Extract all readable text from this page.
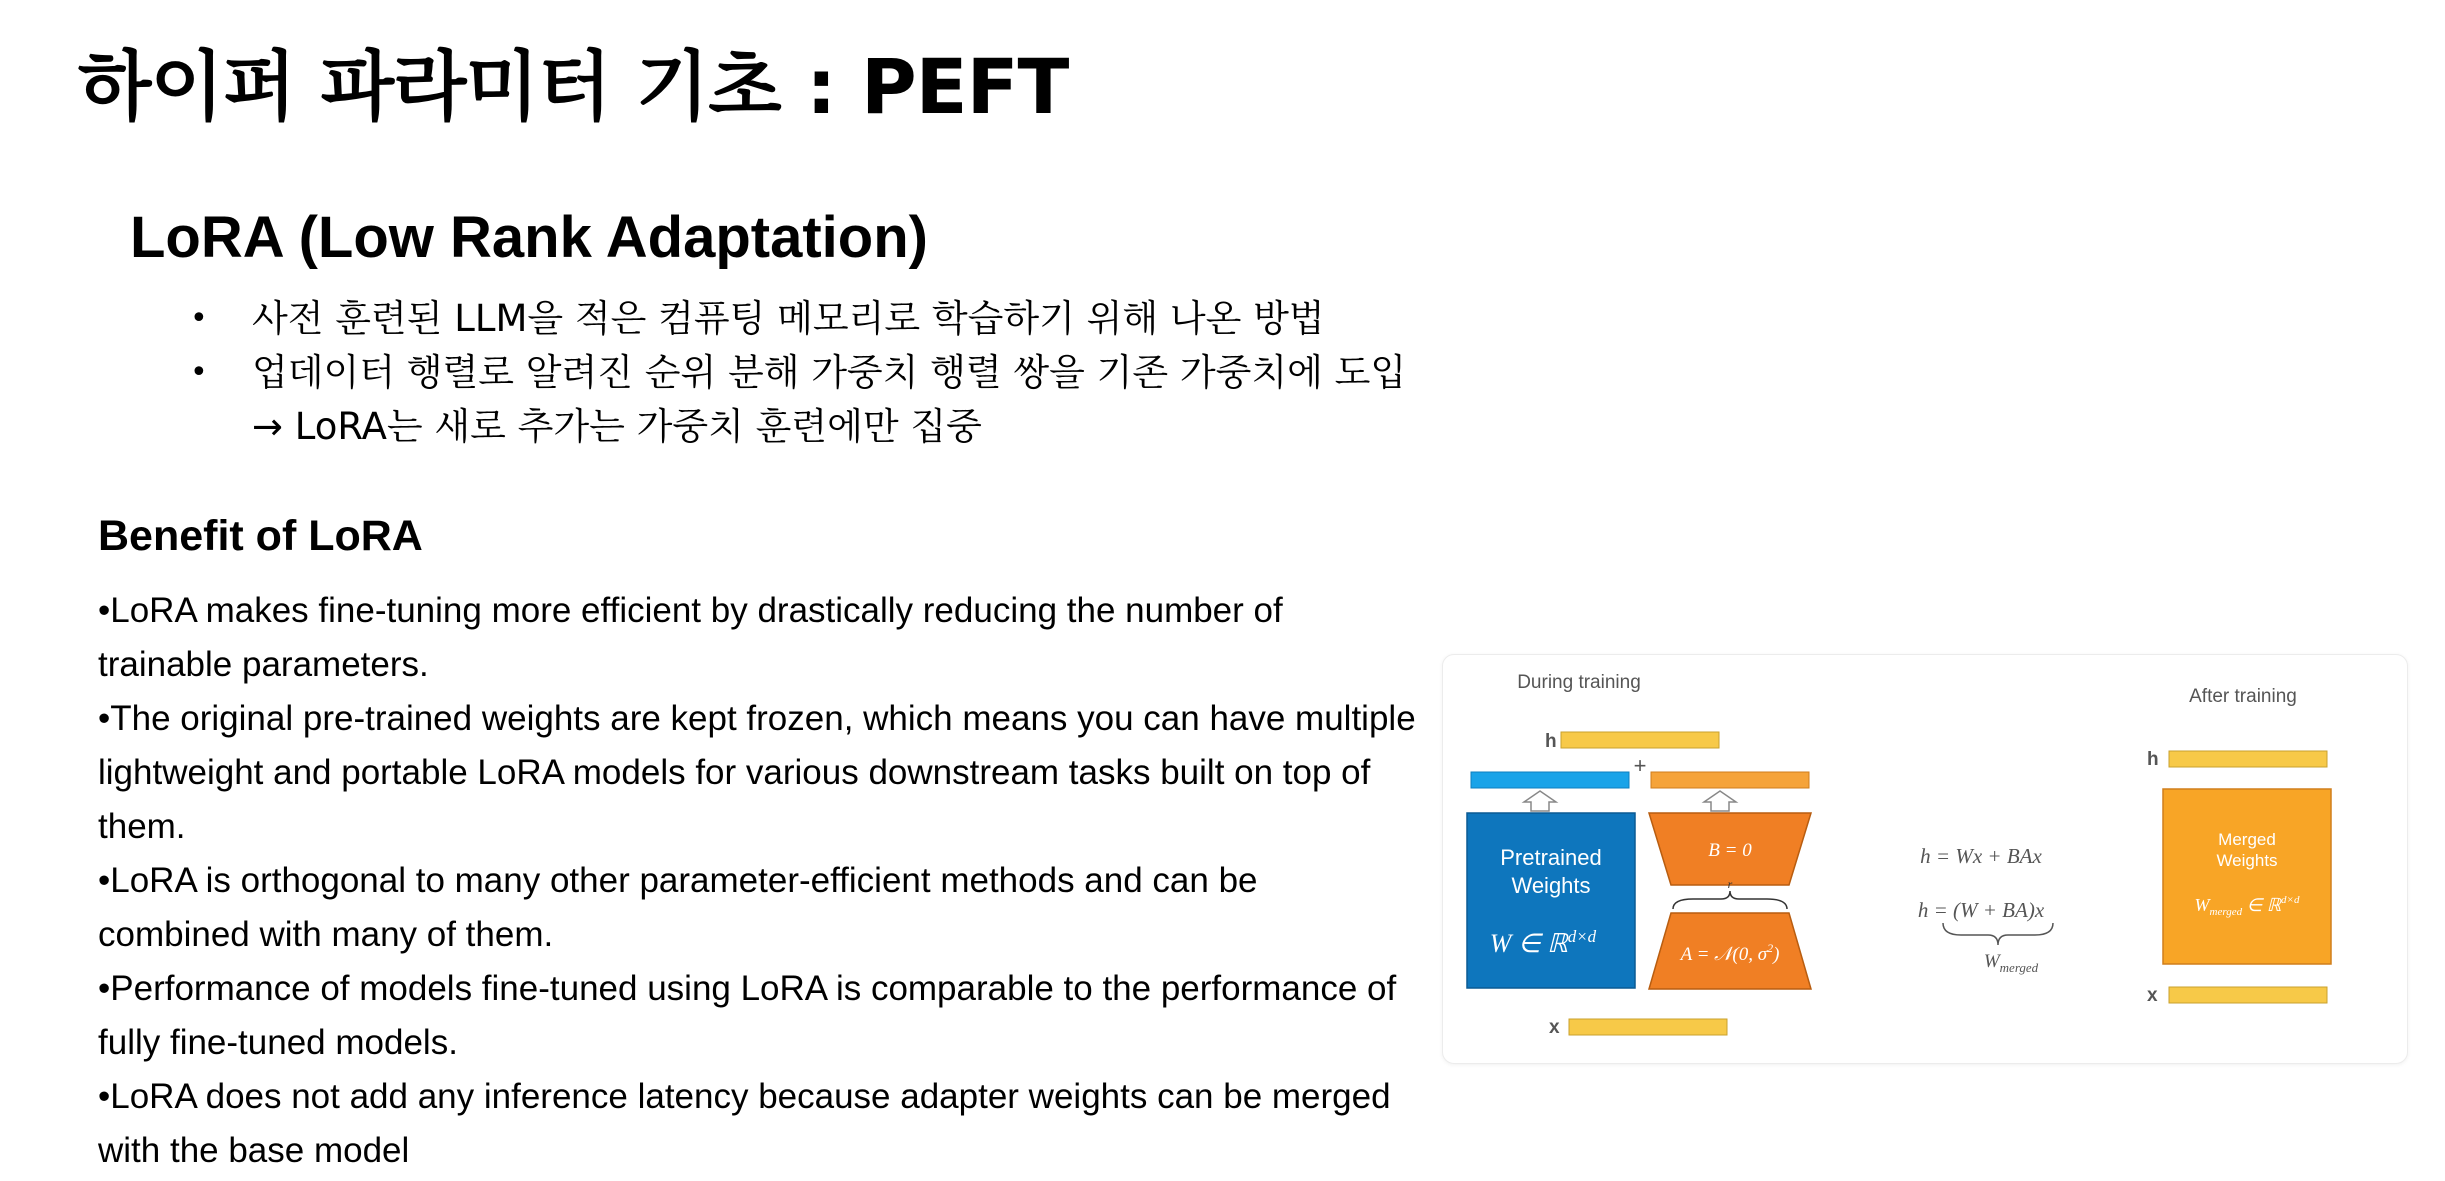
하이퍼 파라미터 기초 : PEFT
LoRA (Low Rank Adaptation)
• 사전 훈련된 LLM을 적은 컴퓨팅 메모리로 학습하기 위해 나온 방법
• 업데이터 행렬로 알려진 순위 분해 가중치 행렬 쌍을 기존 가중치에 도입
→ LoRA는 새로 추가는 가중치 훈련에만 집중
Benefit of LoRA

•LoRA makes fine-tuning more efficient by drastically reducing the number of  trainable parameters.

•The original pre-trained weights are kept frozen, which means you can have multiple lightweight and portable LoRA models for various downstream tasks built on top of them.

•LoRA is orthogonal to many other parameter-efficient methods and can be combined with many of them.

•Performance of models fine-tuned using LoRA is comparable to the performance of fully fine-tuned models.

•LoRA does not add any inference latency because adapter weights can be merged with the base model

During training
After training
h
+
Pretrained
Weights
W ∈ ℝ$^{d\times d}$
B = 0
r
A = 𝒩(0, $\sigma^2$)
x
h = Wx + BAx
h = (W + BA)x
$W_{merged}$
h
Merged
Weights
$W_{merged}$ ∈ ℝ$^{d\times d}$
x
